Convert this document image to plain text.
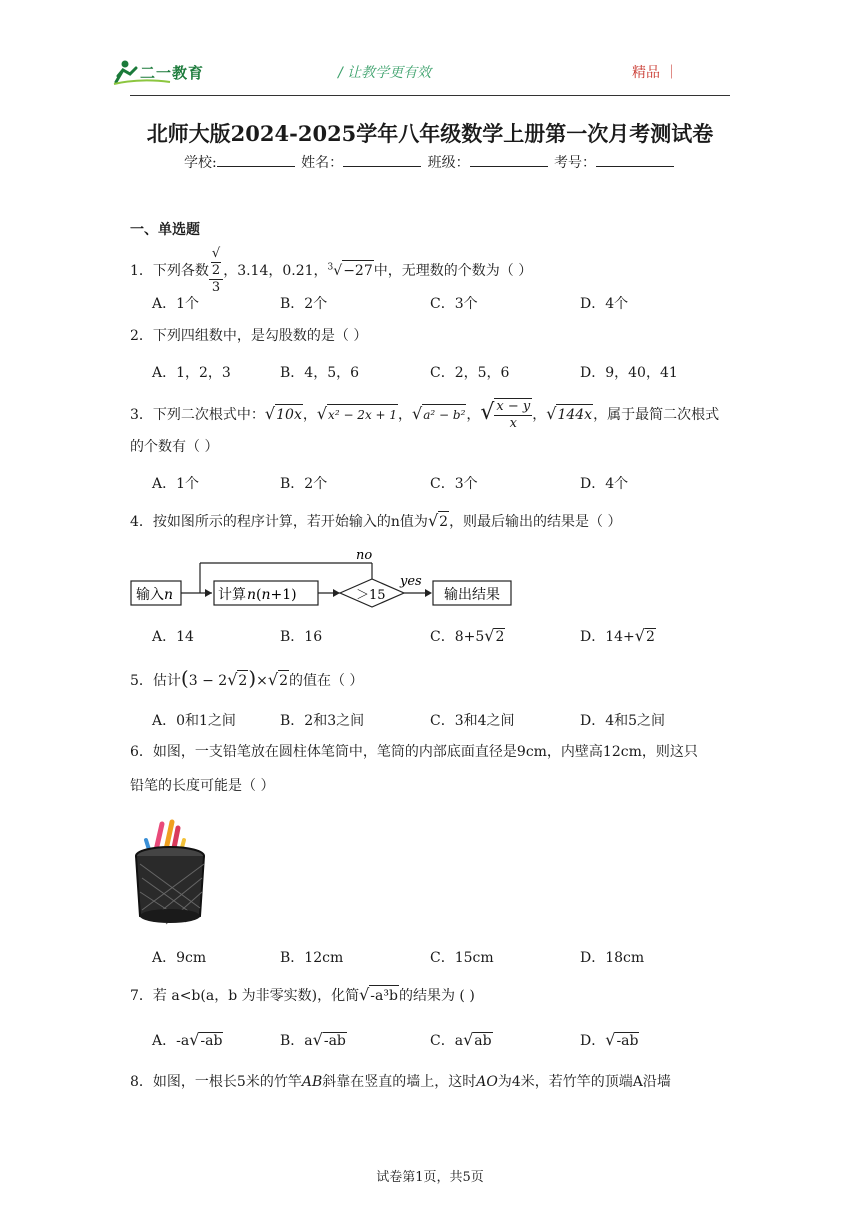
二一教育	/ 让教学更有效	精品 ｜
北师大版2024-2025学年八年级数学上册第一次月考测试卷
学校:	姓名：	班级：	考号：
一、单选题
1．下列各数 √
2
3 ，3.14，0.21，$^3$√−27中，无理数的个数为（ ）
A．1个	B．2个	C．3个	D．4个
2．下列四组数中，是勾股数的是（ ）
A．1，2，3	B．4，5，6	C．2，5，6	D．9，40，41
3．下列二次根式中：√10x，√x² − 2x + 1，√a² − b²，√ $\frac{x - y}{x}$ ，√144x，属于最简二次根式
的个数有（ ）
A．1个	B．2个	C．3个	D．4个
4．按如图所示的程序计算，若开始输入的n值为√2，则最后输出的结果是（ ）
输入 n	计算 n(n+1)	＞15
no
yes
输出结果
A．14	B．16	C．8+5√2	D．14+√2
5．估计(3 − 2√2)×√2的值在（ ）
A．0和1之间	B．2和3之间	C．3和4之间	D．4和5之间
6．如图，一支铅笔放在圆柱体笔筒中，笔筒的内部底面直径是9cm，内壁高12cm，则这只
铅笔的长度可能是（ ）
A．9cm	B．12cm	C．15cm	D．18cm
7．若 a<b(a，b 为非零实数)，化简√-a³b的结果为 ( )
A．-a√-ab	B．a√-ab	C．a√ab	D．√-ab
8．如图，一根长5米的竹竿AB斜靠在竖直的墙上，这时AO为4米，若竹竿的顶端A沿墙
试卷第1页，共5页
